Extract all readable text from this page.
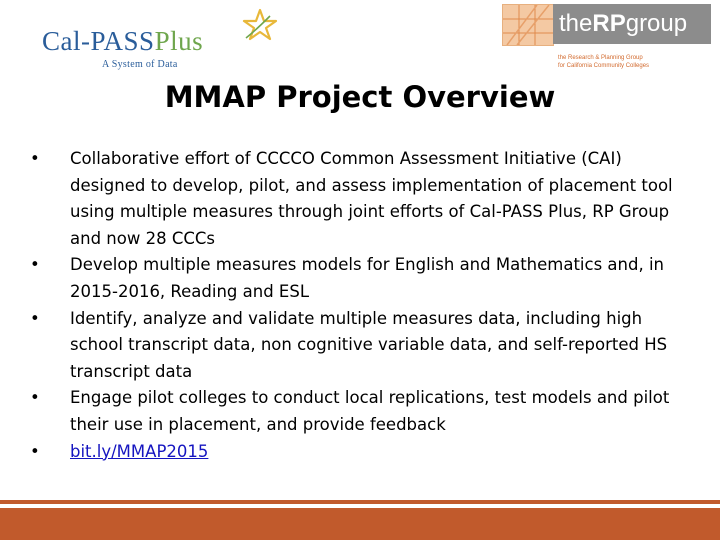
Cal-PASSPlus
A System of Data
theRPgroup
the Research & Planning Group
for California Community Colleges
MMAP Project Overview
•	Collaborative effort of CCCCO Common Assessment Initiative (CAI) designed to develop, pilot, and assess implementation of placement tool using multiple measures through joint efforts of Cal-PASS Plus, RP Group and now 28 CCCs
•	Develop multiple measures models for English and Mathematics and, in 2015-2016, Reading and ESL
•	Identify, analyze and validate multiple measures data, including high school transcript data, non cognitive variable data, and self-reported HS transcript data
•	Engage pilot colleges to conduct local replications, test models and pilot their use in placement, and provide feedback
•	bit.ly/MMAP2015
